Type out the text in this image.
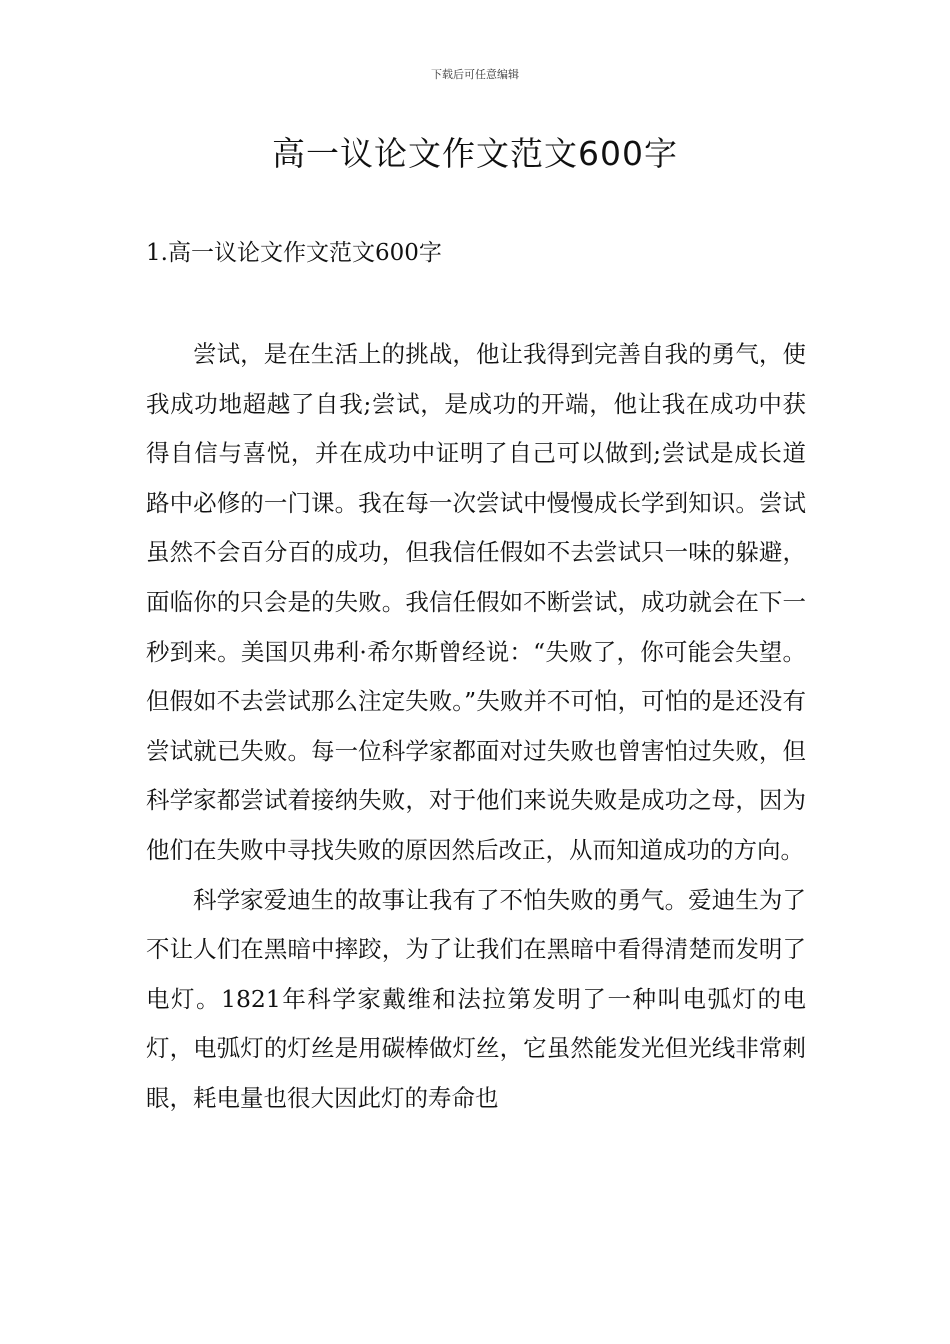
下载后可任意编辑
高一议论文作文范文600字
1.高一议论文作文范文600字

尝试，是在生活上的挑战，他让我得到完善自我的勇气，使我成功地超越了自我;尝试，是成功的开端，他让我在成功中获得自信与喜悦，并在成功中证明了自己可以做到;尝试是成长道路中必修的一门课。我在每一次尝试中慢慢成长学到知识。尝试虽然不会百分百的成功，但我信任假如不去尝试只一味的躲避，面临你的只会是的失败。我信任假如不断尝试，成功就会在下一秒到来。美国贝弗利·希尔斯曾经说：“失败了，你可能会失望。但假如不去尝试那么注定失败。”失败并不可怕，可怕的是还没有尝试就已失败。每一位科学家都面对过失败也曾害怕过失败，但科学家都尝试着接纳失败，对于他们来说失败是成功之母，因为他们在失败中寻找失败的原因然后改正，从而知道成功的方向。

科学家爱迪生的故事让我有了不怕失败的勇气。爱迪生为了不让人们在黑暗中摔跤，为了让我们在黑暗中看得清楚而发明了电灯。1821年科学家戴维和法拉第发明了一种叫电弧灯的电灯，电弧灯的灯丝是用碳棒做灯丝，它虽然能发光但光线非常刺眼，耗电量也很大因此灯的寿命也
